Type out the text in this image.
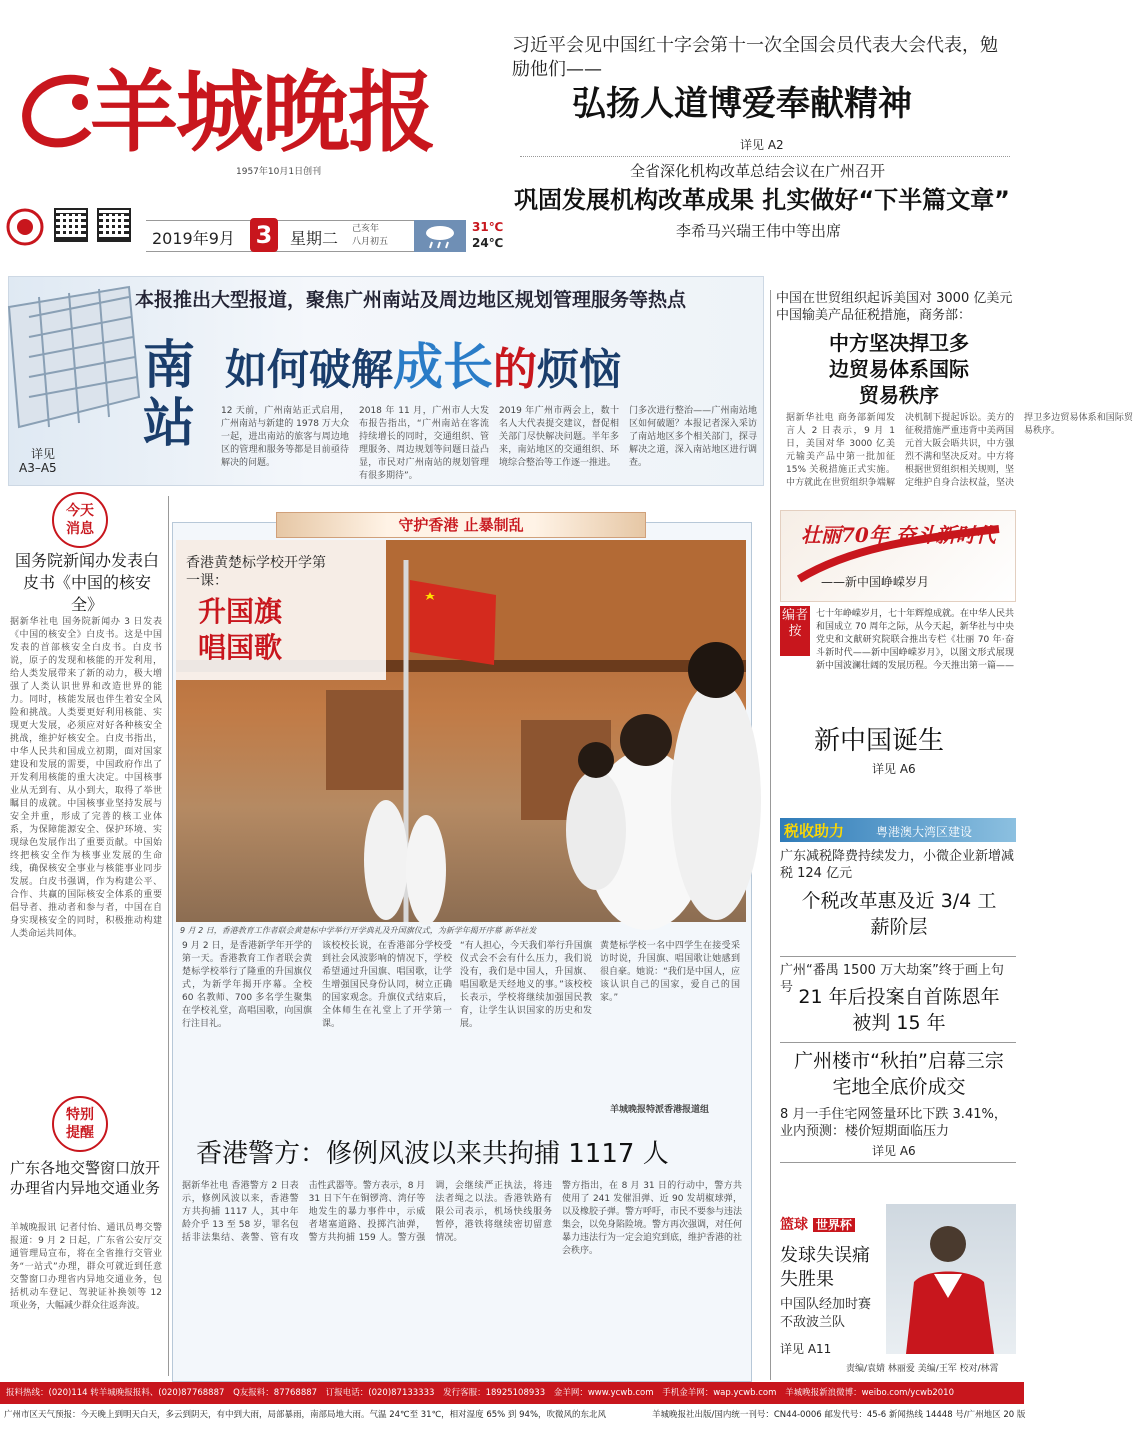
羊城晚报
1957年10月1日创刊
2019年9月 3	星期二 己亥年
八月初五
31℃
24℃
习近平会见中国红十字会第十一次全国会员代表大会代表，勉励他们——
弘扬人道博爱奉献精神
详见 A2
全省深化机构改革总结会议在广州召开
巩固发展机构改革成果 扎实做好“下半篇文章”
李希马兴瑞王伟中等出席
本报推出大型报道，聚焦广州南站及周边地区规划管理服务等热点
南
站
如何破解成长的烦恼
详见
A3–A5
12 天前，广州南站正式启用，广州南站与新建的 1978 万大众一起，进出南站的旅客与周边地区的管理和服务等都是目前亟待解决的问题。
2018 年 11 月，广州市人大发布报告指出，“广州南站在客流持续增长的同时，交通组织、管理服务、周边规划等问题日益凸显，市民对广州南站的规划管理有很多期待”。
2019 年广州市两会上，数十名人大代表提交建议，督促相关部门尽快解决问题。半年多来，南站地区的交通组织、环境综合整治等工作逐一推进。
门多次进行整治——广州南站地区如何破题？本报记者深入采访了南站地区多个相关部门，探寻解决之道，深入南站地区进行调查。
中国在世贸组织起诉美国对 3000 亿美元中国输美产品征税措施，商务部：
中方坚决捍卫多边贸易体系国际贸易秩序
据新华社电 商务部新闻发言人 2 日表示，9 月 1 日，美国对华 3000 亿美元输美产品中第一批加征 15% 关税措施正式实施。中方就此在世贸组织争端解决机制下提起诉讼。美方的征税措施严重违背中美两国元首大阪会晤共识，中方强烈不满和坚决反对。中方将根据世贸组织相关规则，坚定维护自身合法权益，坚决捍卫多边贸易体系和国际贸易秩序。
今天
消息
国务院新闻办发表白皮书《中国的核安全》
据新华社电 国务院新闻办 3 日发表《中国的核安全》白皮书。这是中国发表的首部核安全白皮书。白皮书说，原子的发现和核能的开发利用，给人类发展带来了新的动力，极大增强了人类认识世界和改造世界的能力。同时，核能发展也伴生着安全风险和挑战。人类要更好利用核能、实现更大发展，必须应对好各种核安全挑战，维护好核安全。白皮书指出，中华人民共和国成立初期，面对国家建设和发展的需要，中国政府作出了开发利用核能的重大决定。中国核事业从无到有、从小到大，取得了举世瞩目的成就。中国核事业坚持发展与安全并重，形成了完善的核工业体系，为保障能源安全、保护环境、实现绿色发展作出了重要贡献。中国始终把核安全作为核事业发展的生命线，确保核安全事业与核能事业同步发展。白皮书强调，作为构建公平、合作、共赢的国际核安全体系的重要倡导者、推动者和参与者，中国在自身实现核安全的同时，积极推动构建人类命运共同体。
特别
提醒
广东各地交警窗口放开办理省内异地交通业务
羊城晚报讯 记者付怡、通讯员粤交警报道：9 月 2 日起，广东省公安厅交通管理局宣布，将在全省推行交管业务“一站式”办理，群众可就近到任意交警窗口办理省内异地交通业务，包括机动车登记、驾驶证补换领等 12 项业务，大幅减少群众往返奔波。
守护香港 止暴制乱
香港黄楚标学校开学第一课：
升国旗唱国歌
9 月 2 日，香港教育工作者联会黄楚标中学举行开学典礼及升国旗仪式，为新学年揭开序幕 新华社发
9 月 2 日，是香港新学年开学的第一天。香港教育工作者联会黄楚标学校举行了隆重的升国旗仪式，为新学年揭开序幕。全校 60 名教师、700 多名学生聚集在学校礼堂，高唱国歌，向国旗行注目礼。
该校校长说，在香港部分学校受到社会风波影响的情况下，学校希望通过升国旗、唱国歌，让学生增强国民身份认同，树立正确的国家观念。升旗仪式结束后，全体师生在礼堂上了开学第一课。
“有人担心，今天我们举行升国旗仪式会不会有什么压力，我们说没有，我们是中国人，升国旗、唱国歌是天经地义的事。”该校校长表示，学校将继续加强国民教育，让学生认识国家的历史和发展。
黄楚标学校一名中四学生在接受采访时说，升国旗、唱国歌让她感到很自豪。她说：“我们是中国人，应该认识自己的国家，爱自己的国家。”
羊城晚报特派香港报道组
香港警方：修例风波以来共拘捕 1117 人
据新华社电 香港警方 2 日表示，修例风波以来，香港警方共拘捕 1117 人，其中年龄介乎 13 至 58 岁，罪名包括非法集结、袭警、管有攻击性武器等。警方表示，8 月 31 日下午在铜锣湾、湾仔等地发生的暴力事件中，示威者堵塞道路、投掷汽油弹，警方共拘捕 159 人。警方强调，会继续严正执法，将违法者绳之以法。香港铁路有限公司表示，机场快线服务暂停，港铁将继续密切留意情况。
警方指出，在 8 月 31 日的行动中，警方共使用了 241 发催泪弹、近 90 发胡椒球弹，以及橡胶子弹。警方呼吁，市民不要参与违法集会，以免身陷险境。警方再次强调，对任何暴力违法行为一定会追究到底，维护香港的社会秩序。
壮丽70年 奋斗新时代
——新中国峥嵘岁月
编者按
七十年峥嵘岁月，七十年辉煌成就。在中华人民共和国成立 70 周年之际，从今天起，新华社与中央党史和文献研究院联合推出专栏《壮丽 70 年·奋斗新时代——新中国峥嵘岁月》，以图文形式展现新中国波澜壮阔的发展历程。今天推出第一篇——
新中国诞生
详见 A6
税收助力	粤港澳大湾区建设
广东减税降费持续发力，小微企业新增减税 124 亿元
个税改革惠及近 3/4 工薪阶层
广州“番禺 1500 万大劫案”终于画上句号 21 年后投案自首陈恩年被判 15 年
广州楼市“秋拍”启幕三宗宅地全底价成交
8 月一手住宅网签量环比下跌 3.41%，业内预测：楼价短期面临压力
详见 A6
篮球 世界杯
发球失误痛失胜果
中国队经加时赛不敌波兰队
详见 A11
责编/袁婧 林丽爱 美编/王军 校对/林霄
报料热线：(020)114 转羊城晚报报料、(020)87768887 Q友报料：87768887 订报电话：(020)87133333 发行客服：18925108933 金羊网：www.ycwb.com 手机金羊网：wap.ycwb.com 羊城晚报新浪微博：weibo.com/ycwb2010
广州市区天气预报：今天晚上到明天白天，多云到阴天，有中到大雨，局部暴雨，南部局地大雨。气温 24℃至 31℃，相对湿度 65% 到 94%，吹微风的东北风	羊城晚报社出版/国内统一刊号：CN44-0006 邮发代号：45-6 新闻热线 14448 号/广州地区 20 版
